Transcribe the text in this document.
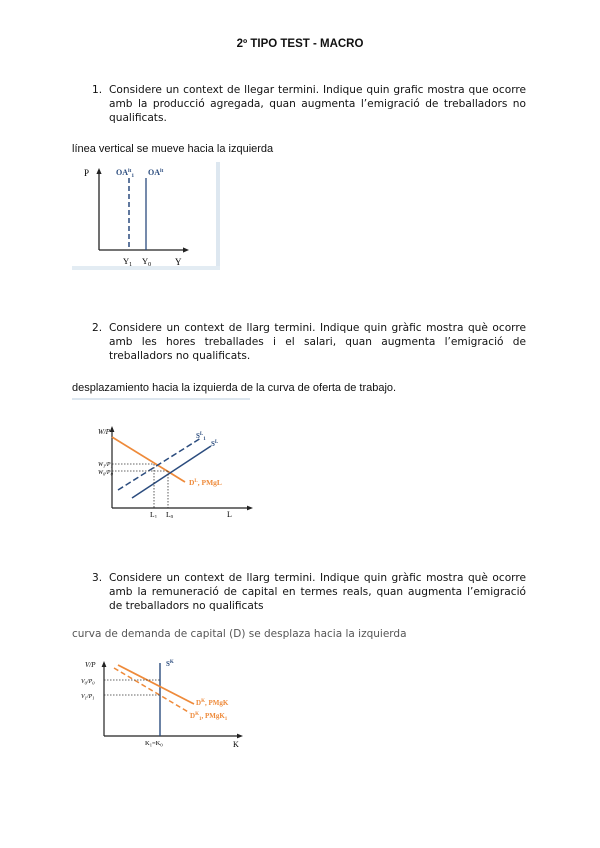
2º TIPO TEST - MACRO
1. Considere un context de llegar termini. Indique quin grafic mostra que ocorre amb la producció agregada, quan augmenta l’emigració de treballadors no qualificats.
línea vertical se mueve hacia la izquierda
P
Y
$OA^{lt}_1$ $OA^{lt}$
$Y_1$ $Y_0$
2. Considere un context de llarg termini. Indique quin gràfic mostra què ocorre amb les hores treballades i el salari, quan augmenta l’emigració de treballadors no qualificats.
desplazamiento hacia la izquierda de la curva de oferta de trabajo.
W/P
L
$D^L$, PMgL
$S^L_1$
$S^L$
$W_1/P_1$
$W_0/P_0$
$L_1$ $L_0$
3. Considere un context de llarg termini. Indique quin gràfic mostra què ocorre amb la remuneració de capital en termes reals, quan augmenta l’emigració de treballadors no qualificats
curva de demanda de capital (D) se desplaza hacia la izquierda
V/P
K
$S^K$
$D^K$, PMgK
$D^K_1$, PMgK$_1$
$V_0/P_0$
$V_1/P_1$
$K_1=K_0$
